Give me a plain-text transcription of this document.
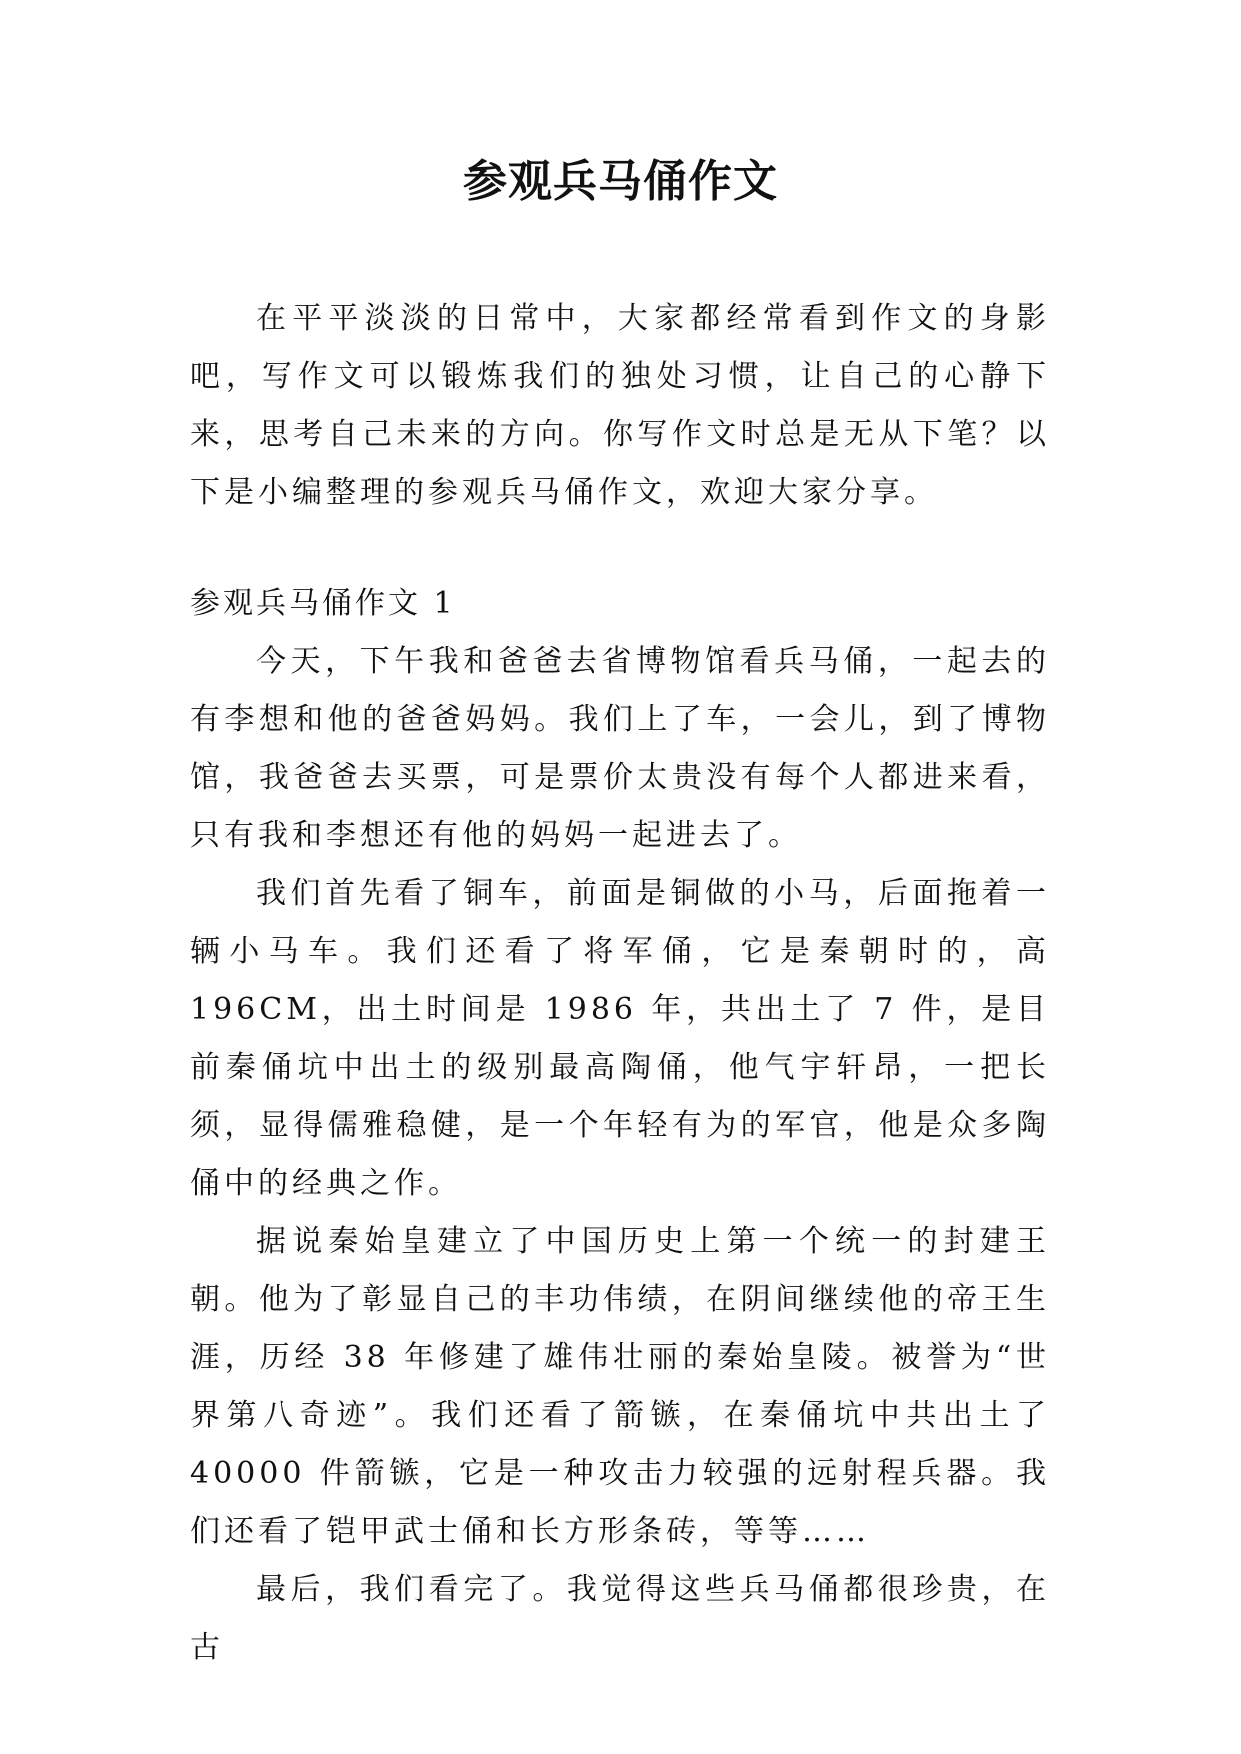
参观兵马俑作文

在平平淡淡的日常中，大家都经常看到作文的身影吧，写作文可以锻炼我们的独处习惯，让自己的心静下来，思考自己未来的方向。你写作文时总是无从下笔？以下是小编整理的参观兵马俑作文，欢迎大家分享。

参观兵马俑作文 1

今天，下午我和爸爸去省博物馆看兵马俑，一起去的有李想和他的爸爸妈妈。我们上了车，一会儿，到了博物馆，我爸爸去买票，可是票价太贵没有每个人都进来看，只有我和李想还有他的妈妈一起进去了。

我们首先看了铜车，前面是铜做的小马，后面拖着一辆小马车。我们还看了将军俑，它是秦朝时的，高 196CM，出土时间是 1986 年，共出土了 7 件，是目前秦俑坑中出土的级别最高陶俑，他气宇轩昂，一把长须，显得儒雅稳健，是一个年轻有为的军官，他是众多陶俑中的经典之作。

据说秦始皇建立了中国历史上第一个统一的封建王朝。他为了彰显自己的丰功伟绩，在阴间继续他的帝王生涯，历经 38 年修建了雄伟壮丽的秦始皇陵。被誉为“世界第八奇迹”。我们还看了箭镞，在秦俑坑中共出土了 40000 件箭镞，它是一种攻击力较强的远射程兵器。我们还看了铠甲武士俑和长方形条砖，等等……

最后，我们看完了。我觉得这些兵马俑都很珍贵，在古
